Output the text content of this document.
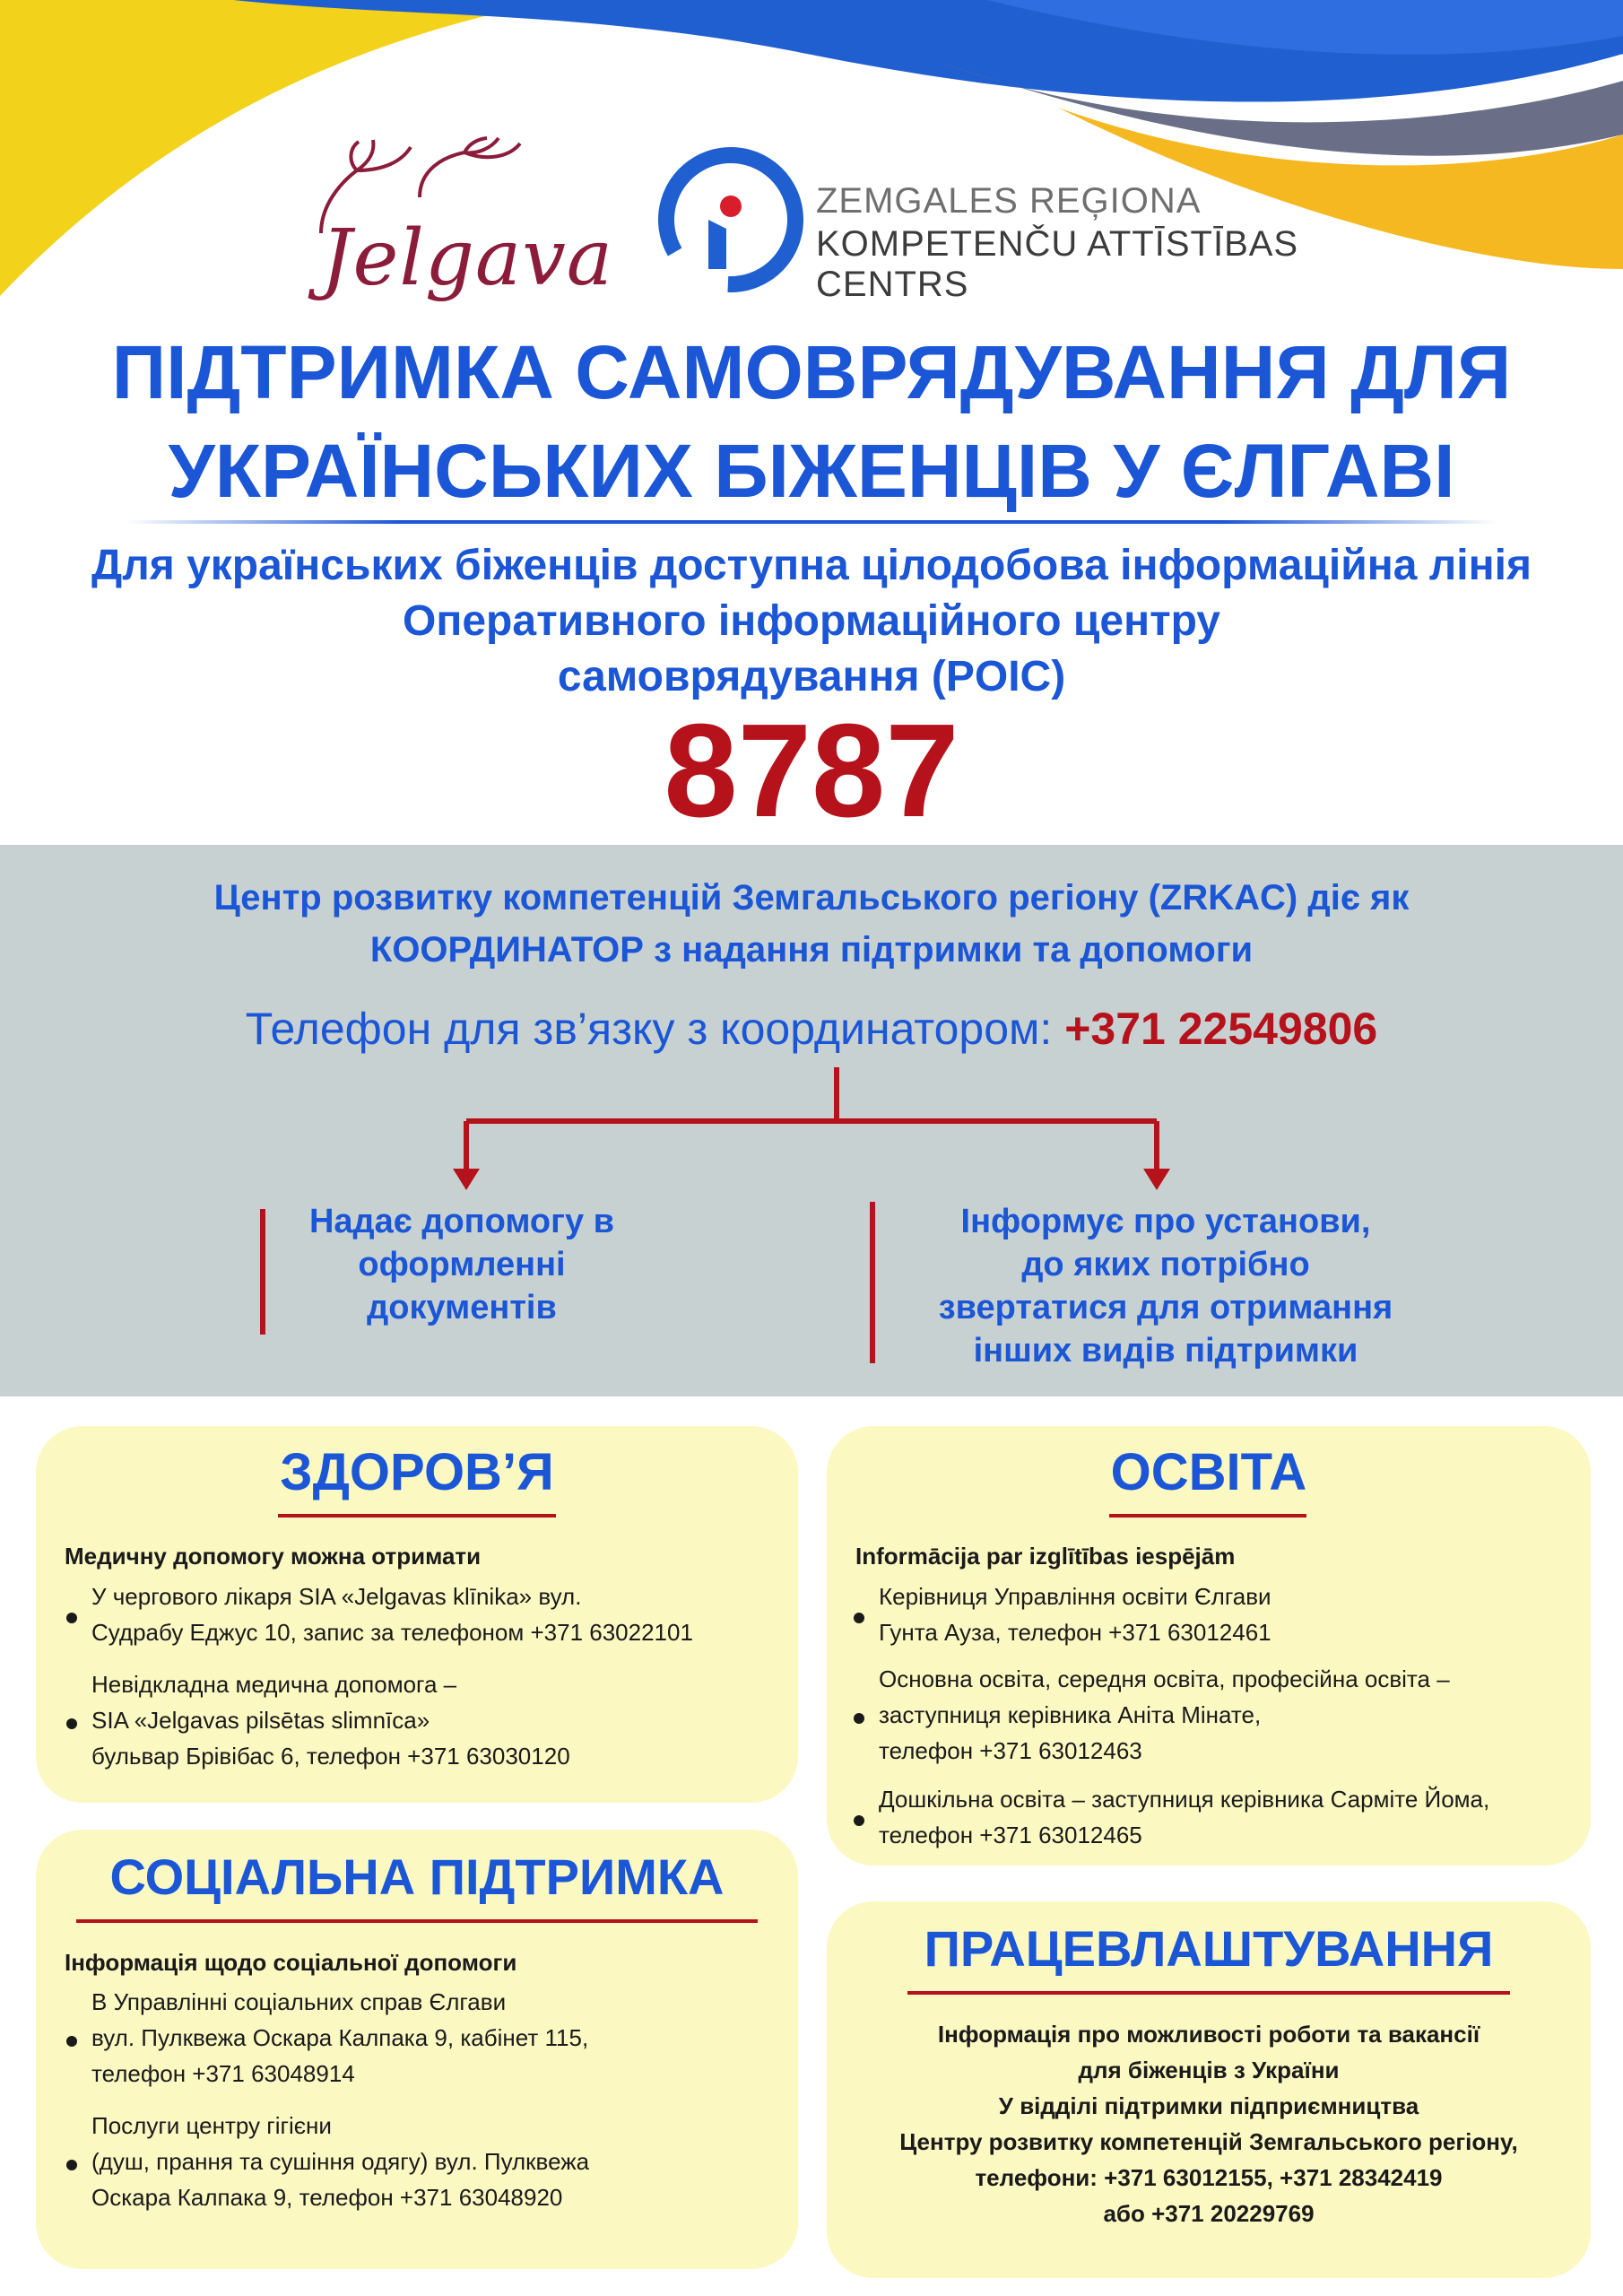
Jelgava
ZEMGALES REĢIONA
KOMPETENČU ATTĪSTĪBAS CENTRS
ПІДТРИМКА САМОВРЯДУВАННЯ ДЛЯ
УКРАЇНСЬКИХ БІЖЕНЦІВ У ЄЛГАВІ
Для українських біженців доступна цілодобова інформаційна лінія
Оперативного інформаційного центру
самоврядування (POIC)
8787
Центр розвитку компетенцій Земгальського регіону (ZRKAC) діє як
КООРДИНАТОР з надання підтримки та допомоги
Телефон для зв’язку з координатором: +371 22549806
Надає допомогу в
оформленні
документів
Інформує про установи,
до яких потрібно
звертатися для отримання
інших видів підтримки
ЗДОРОВ’Я
Медичну допомогу можна отримати
У чергового лікаря SIA «Jelgavas klīnika» вул.
Судрабу Еджус 10, запис за телефоном +371 63022101
Невідкладна медична допомога –
SIA «Jelgavas pilsētas slimnīca»
бульвар Брівібас 6, телефон +371 63030120
ОСВІТА
Informācija par izglītības iespējām
Керівниця Управління освіти Єлгави
Гунта Ауза, телефон +371 63012461
Основна освіта, середня освіта, професійна освіта –
заступниця керівника Аніта Мінате,
телефон +371 63012463
Дошкільна освіта – заступниця керівника Сарміте Йома,
телефон +371 63012465
СОЦІАЛЬНА ПІДТРИМКА
Інформація щодо соціальної допомоги
В Управлінні соціальних справ Єлгави
вул. Пулквежа Оскара Калпака 9, кабінет 115,
телефон +371 63048914
Послуги центру гігієни
(душ, прання та сушіння одягу) вул. Пулквежа
Оскара Калпака 9, телефон +371 63048920
ПРАЦЕВЛАШТУВАННЯ
Інформація про можливості роботи та вакансії
для біженців з України
У відділі підтримки підприємництва
Центру розвитку компетенцій Земгальського регіону,
телефони: +371 63012155, +371 28342419
або +371 20229769
